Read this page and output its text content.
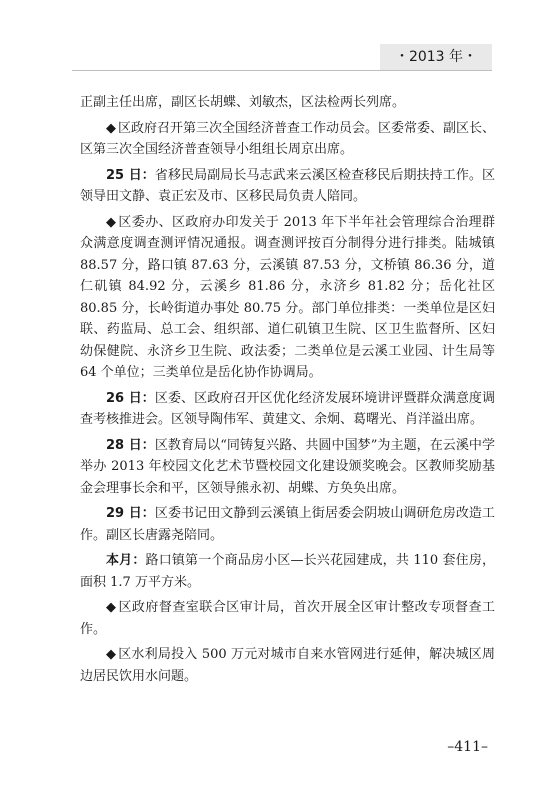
・2013 年・

正副主任出席，副区长胡蝶、刘敏杰，区法检两长列席。

◆ 区政府召开第三次全国经济普查工作动员会。区委常委、副区长、区第三次全国经济普查领导小组组长周京出席。

25 日：省移民局副局长马志武来云溪区检查移民后期扶持工作。区领导田文静、袁正宏及市、区移民局负责人陪同。

◆ 区委办、区政府办印发关于 2013 年下半年社会管理综合治理群众满意度调查测评情况通报。调查测评按百分制得分进行排类。陆城镇 88.57 分，路口镇 87.63 分，云溪镇 87.53 分，文桥镇 86.36 分，道仁矶镇 84.92 分，云溪乡 81.86 分，永济乡 81.82 分；岳化社区 80.85 分，长岭街道办事处 80.75 分。部门单位排类：一类单位是区妇联、药监局、总工会、组织部、道仁矶镇卫生院、区卫生监督所、区妇幼保健院、永济乡卫生院、政法委；二类单位是云溪工业园、计生局等 64 个单位；三类单位是岳化协作协调局。

26 日：区委、区政府召开区优化经济发展环境讲评暨群众满意度调查考核推进会。区领导陶伟军、黄建文、余炯、葛曙光、肖洋溢出席。

28 日：区教育局以“同铸复兴路、共圆中国梦”为主题，在云溪中学举办 2013 年校园文化艺术节暨校园文化建设颁奖晚会。区教师奖励基金会理事长余和平，区领导熊永初、胡蝶、方奂奂出席。

29 日：区委书记田文静到云溪镇上街居委会阴坡山调研危房改造工作。副区长唐露尧陪同。

本月：路口镇第一个商品房小区—长兴花园建成，共 110 套住房，面积 1.7 万平方米。

◆ 区政府督查室联合区审计局，首次开展全区审计整改专项督查工作。

◆ 区水利局投入 500 万元对城市自来水管网进行延伸，解决城区周边居民饮用水问题。

–411–
